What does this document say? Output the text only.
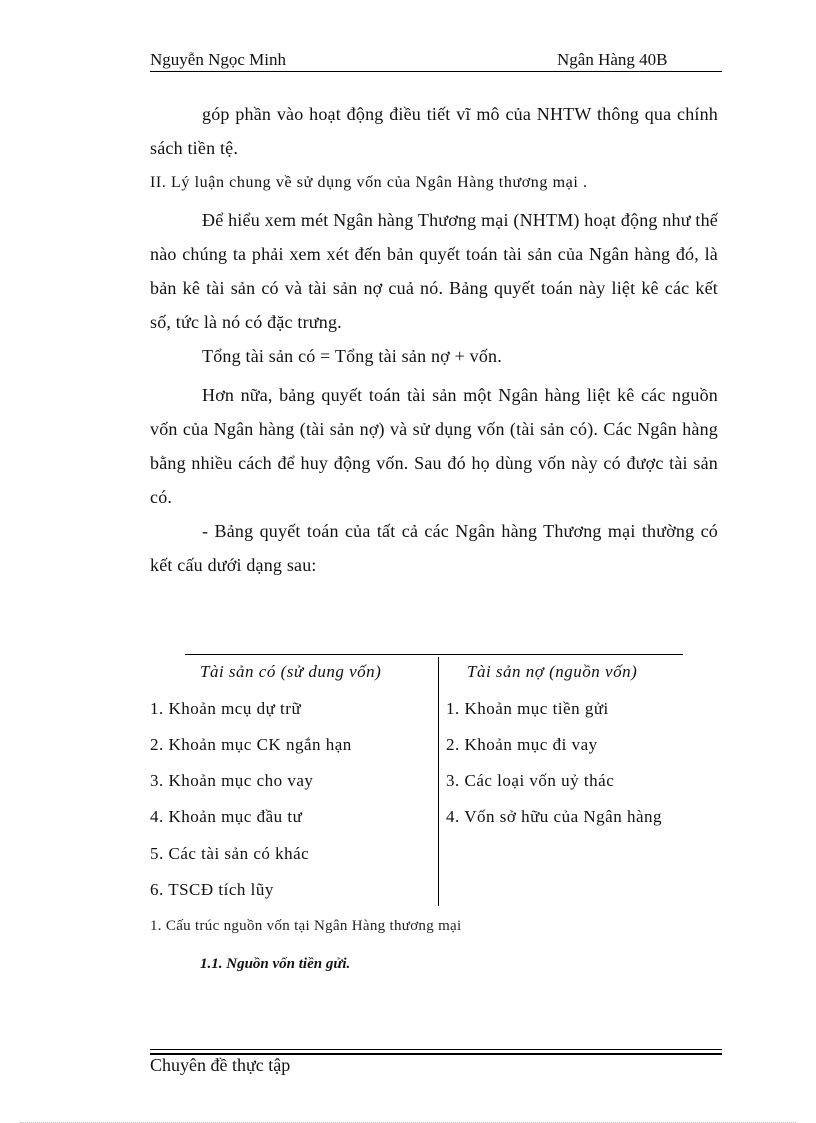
Nguyễn Ngọc Minh	Ngân Hàng 40B

góp phần vào hoạt động điều tiết vĩ mô của NHTW thông qua chính sách tiền tệ.

II. Lý luận chung về sử dụng vốn của Ngân Hàng thương mại .

Để hiểu xem mét Ngân hàng Thương mại (NHTM) hoạt động như thế nào chúng ta phải xem xét đến bản quyết toán tài sản của Ngân hàng đó, là bản kê tài sản có và tài sản nợ cuả nó. Bảng quyết toán này liệt kê các kết số, tức là nó có đặc trưng.

Tổng tài sản có = Tổng tài sản nợ + vốn.

Hơn nữa, bảng quyết toán tài sản một Ngân hàng liệt kê các nguồn vốn của Ngân hàng (tài sản nợ) và sử dụng vốn (tài sản có). Các Ngân hàng bằng nhiều cách để huy động vốn. Sau đó họ dùng vốn này có được tài sản có.

- Bảng quyết toán của tất cả các Ngân hàng Thương mại thường có kết cấu dưới dạng sau:

Tài sản có (sử dung vốn)	Tài sản nợ (nguồn vốn)
1. Khoản mcụ dự trữ
2. Khoản mục CK ngắn hạn
3. Khoản mục cho vay
4. Khoản mục đầu tư
5. Các tài sản có khác
6. TSCĐ tích lũy
1. Khoản mục tiền gửi
2. Khoản mục đi vay
3. Các loại vốn uỷ thác
4. Vốn sở hữu của Ngân hàng
1. Cấu trúc nguồn vốn tại Ngân Hàng thương mại
1.1. Nguồn vốn tiền gửi.
Chuyên đề thực tập
